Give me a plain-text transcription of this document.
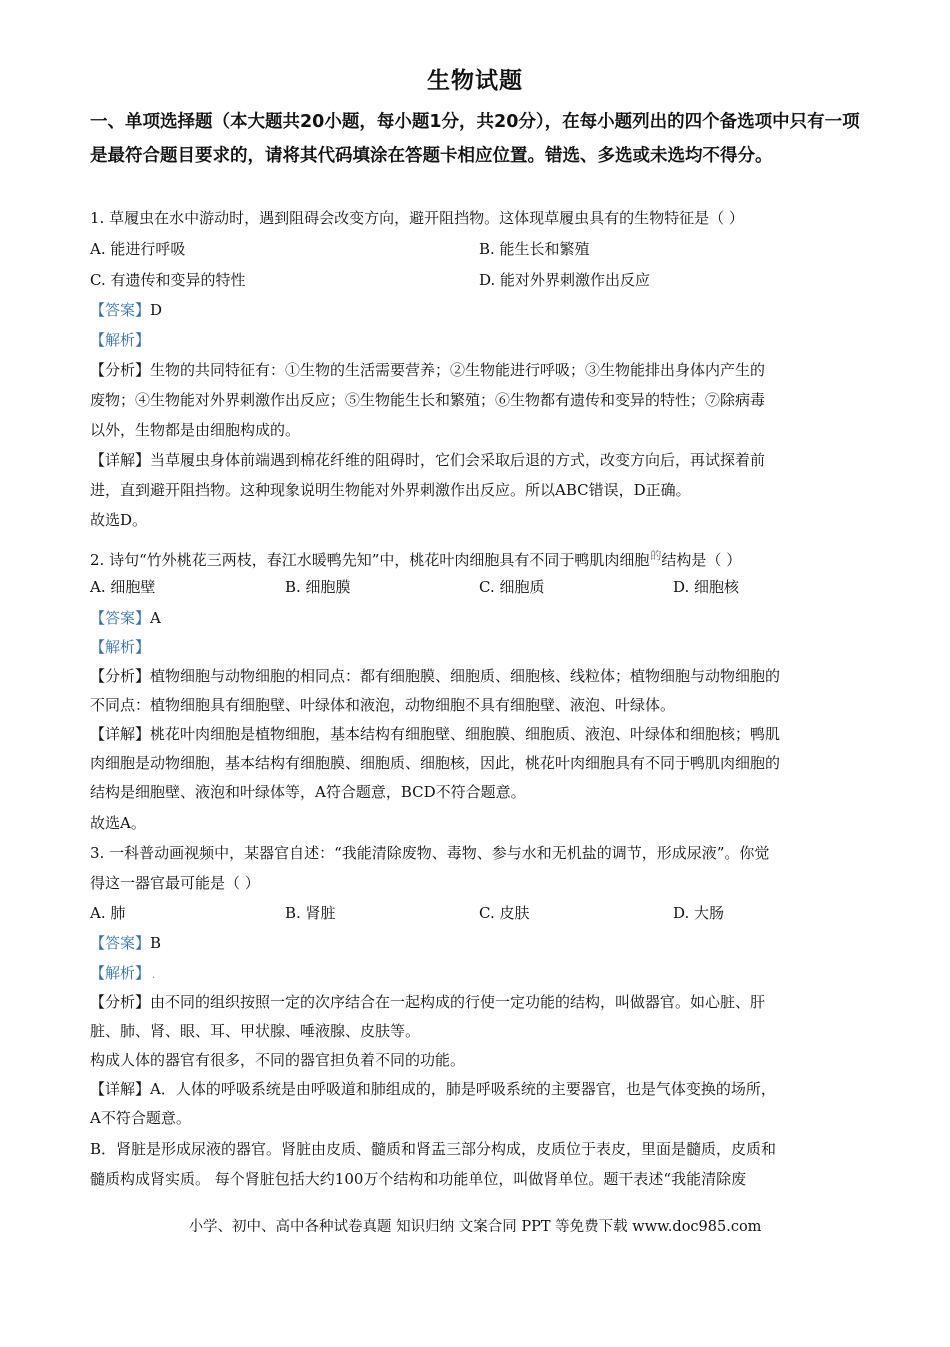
生物试题
一、单项选择题（本大题共20小题，每小题1分，共20分），在每小题列出的四个备选项中只有一项是最符合题目要求的，请将其代码填涂在答题卡相应位置。错选、多选或未选均不得分。
1. 草履虫在水中游动时，遇到阻碍会改变方向，避开阻挡物。这体现草履虫具有的生物特征是（ ）
A. 能进行呼吸	B. 能生长和繁殖
C. 有遗传和变异的特性	D. 能对外界刺激作出反应
【答案】D
【解析】
【分析】生物的共同特征有：①生物的生活需要营养；②生物能进行呼吸；③生物能排出身体内产生的
废物；④生物能对外界刺激作出反应；⑤生物能生长和繁殖；⑥生物都有遗传和变异的特性；⑦除病毒
以外，生物都是由细胞构成的。
【详解】当草履虫身体前端遇到棉花纤维的阻碍时，它们会采取后退的方式，改变方向后，再试探着前
进，直到避开阻挡物。这种现象说明生物能对外界刺激作出反应。所以ABC错误，D正确。
故选D。
2. 诗句“竹外桃花三两枝，春江水暖鸭先知”中，桃花叶肉细胞具有不同于鸭肌肉细胞$^的$结构是（ ）
A. 细胞壁	B. 细胞膜	C. 细胞质	D. 细胞核
【答案】A
【解析】
【分析】植物细胞与动物细胞的相同点：都有细胞膜、细胞质、细胞核、线粒体；植物细胞与动物细胞的
不同点：植物细胞具有细胞壁、叶绿体和液泡，动物细胞不具有细胞壁、液泡、叶绿体。
【详解】桃花叶肉细胞是植物细胞，基本结构有细胞壁、细胞膜、细胞质、液泡、叶绿体和细胞核；鸭肌
肉细胞是动物细胞，基本结构有细胞膜、细胞质、细胞核，因此，桃花叶肉细胞具有不同于鸭肌肉细胞的
结构是细胞壁、液泡和叶绿体等，A符合题意，BCD不符合题意。
故选A。
3. 一科普动画视频中，某器官自述：“我能清除废物、毒物、参与水和无机盐的调节，形成尿液”。你觉
得这一器官最可能是（ ）
A. 肺	B. 肾脏	C. 皮肤	D. 大肠
【答案】B
【解析】 .
【分析】由不同的组织按照一定的次序结合在一起构成的行使一定功能的结构，叫做器官。如心脏、肝
脏、肺、肾、眼、耳、甲状腺、唾液腺、皮肤等。
构成人体的器官有很多，不同的器官担负着不同的功能。
【详解】A．人体的呼吸系统是由呼吸道和肺组成的，肺是呼吸系统的主要器官，也是气体变换的场所，
A不符合题意。
B．肾脏是形成尿液的器官。肾脏由皮质、髓质和肾盂三部分构成，皮质位于表皮，里面是髓质，皮质和
髓质构成肾实质。 每个肾脏包括大约100万个结构和功能单位，叫做肾单位。题干表述“我能清除废
小学、初中、高中各种试卷真题 知识归纳 文案合同 PPT 等免费下载 www.doc985.com
